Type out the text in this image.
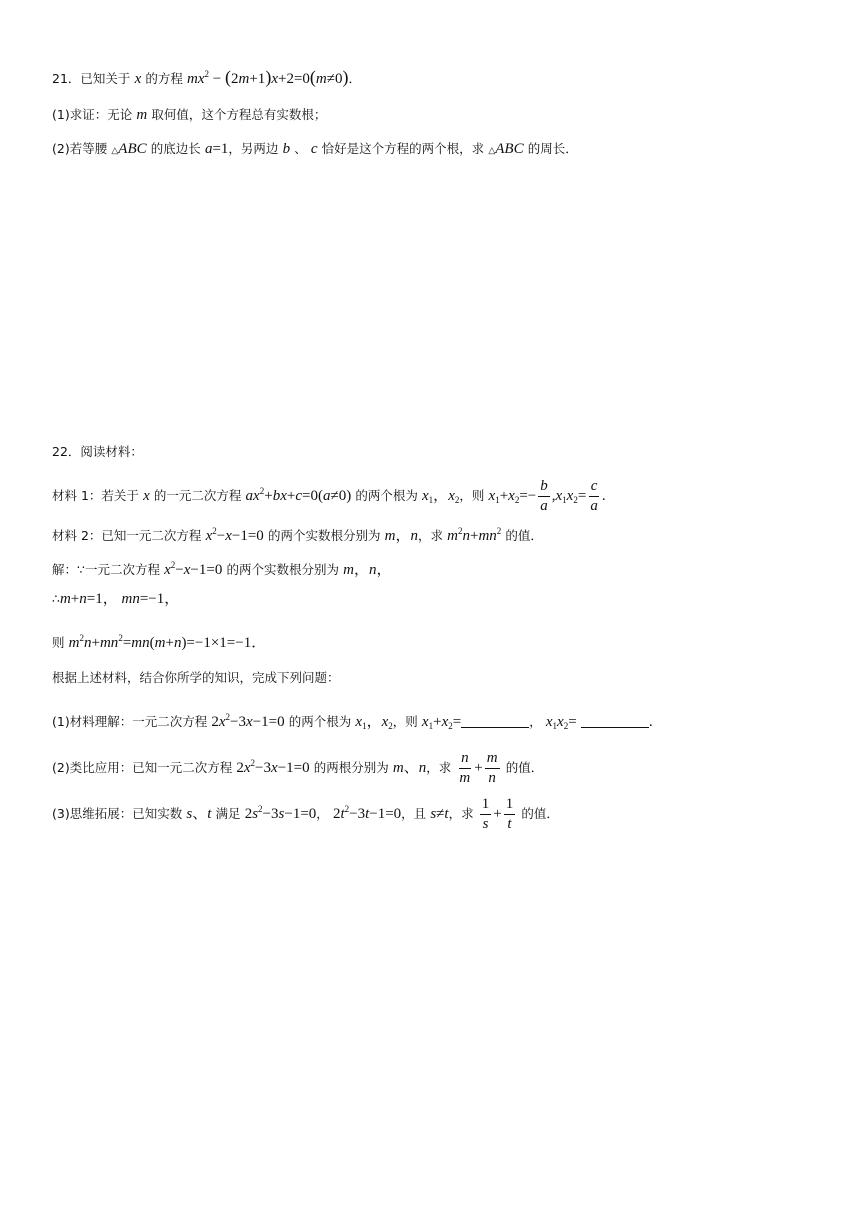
21．已知关于 x 的方程 $mx^2 - (2m+1)x+2=0(m\ne 0)$．
(1)求证：无论 m 取何值，这个方程总有实数根；
(2)若等腰 △ABC 的底边长 a=1，另两边 b 、 c 恰好是这个方程的两个根，求 △ABC 的周长．
22．阅读材料：
材料 1：若关于 x 的一元二次方程 $ax^2+bx+c=0(a\ne 0)$ 的两个根为 $x_1$，$x_2$，则 $x_1+x_2=- \frac{b}{a} ,x_1x_2= \frac{c}{a}$ .
材料 2：已知一元二次方程 $x^2-x-1=0$ 的两个实数根分别为 m，n，求 $m^2n+mn^2$ 的值．
解：∵一元二次方程 $x^2-x-1=0$ 的两个实数根分别为 m，n，
∴m+n=1， mn=−1，
则 $m^2n+mn^2=mn(m+n)=-1\times 1=-1$．
根据上述材料，结合你所学的知识，完成下列问题：
(1)材料理解：一元二次方程 $2x^2-3x-1=0$ 的两个根为 $x_1$，$x_2$，则 $x_1+x_2=$	， $x_1x_2=$	.
(2)类比应用：已知一元二次方程 $2x^2-3x-1=0$ 的两根分别为 m、n，求 $\frac{n}{m} + \frac{m}{n}$ 的值．
(3)思维拓展：已知实数 s、t 满足 $2s^2-3s-1=0$， $2t^2-3t-1=0$，且 s≠t，求 $\frac{1}{s} + \frac{1}{t}$ 的值．
